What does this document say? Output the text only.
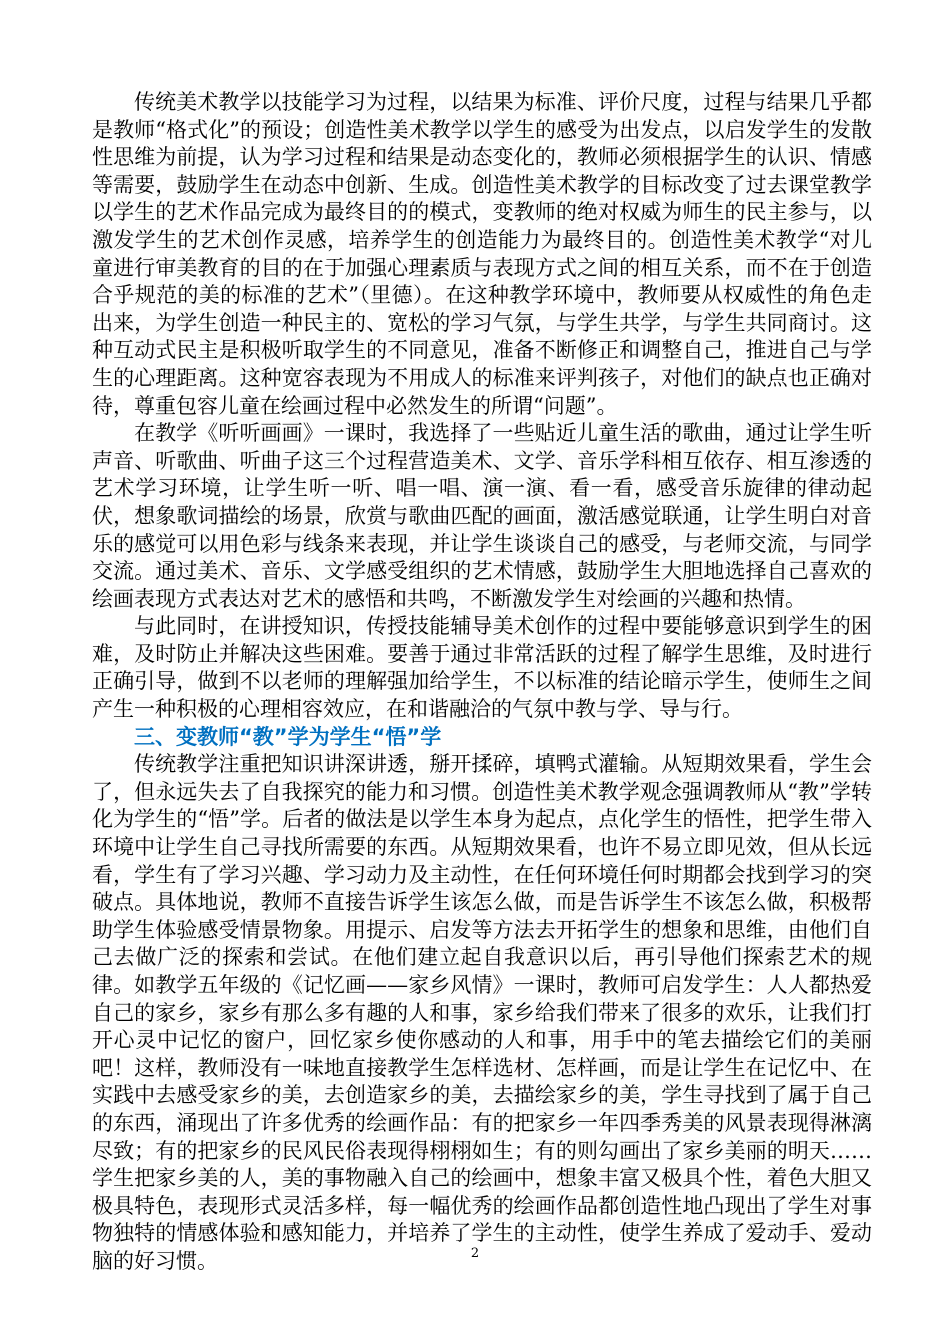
传统美术教学以技能学习为过程，以结果为标准、评价尺度，过程与结果几乎都是教师“格式化”的预设；创造性美术教学以学生的感受为出发点，以启发学生的发散性思维为前提，认为学习过程和结果是动态变化的，教师必须根据学生的认识、情感等需要，鼓励学生在动态中创新、生成。创造性美术教学的目标改变了过去课堂教学以学生的艺术作品完成为最终目的的模式，变教师的绝对权威为师生的民主参与，以激发学生的艺术创作灵感，培养学生的创造能力为最终目的。创造性美术教学“对儿童进行审美教育的目的在于加强心理素质与表现方式之间的相互关系，而不在于创造合乎规范的美的标准的艺术”（里德）。在这种教学环境中，教师要从权威性的角色走出来，为学生创造一种民主的、宽松的学习气氛，与学生共学，与学生共同商讨。这种互动式民主是积极听取学生的不同意见，准备不断修正和调整自己，推进自己与学生的心理距离。这种宽容表现为不用成人的标准来评判孩子，对他们的缺点也正确对待，尊重包容儿童在绘画过程中必然发生的所谓“问题”。

在教学《听听画画》一课时，我选择了一些贴近儿童生活的歌曲，通过让学生听声音、听歌曲、听曲子这三个过程营造美术、文学、音乐学科相互依存、相互渗透的艺术学习环境，让学生听一听、唱一唱、演一演、看一看，感受音乐旋律的律动起伏，想象歌词描绘的场景，欣赏与歌曲匹配的画面，激活感觉联通，让学生明白对音乐的感觉可以用色彩与线条来表现，并让学生谈谈自己的感受，与老师交流，与同学交流。通过美术、音乐、文学感受组织的艺术情感，鼓励学生大胆地选择自己喜欢的绘画表现方式表达对艺术的感悟和共鸣，不断激发学生对绘画的兴趣和热情。

与此同时，在讲授知识，传授技能辅导美术创作的过程中要能够意识到学生的困难，及时防止并解决这些困难。要善于通过非常活跃的过程了解学生思维，及时进行正确引导，做到不以老师的理解强加给学生，不以标准的结论暗示学生，使师生之间产生一种积极的心理相容效应，在和谐融洽的气氛中教与学、导与行。

三、变教师“教”学为学生“悟”学

传统教学注重把知识讲深讲透，掰开揉碎，填鸭式灌输。从短期效果看，学生会了，但永远失去了自我探究的能力和习惯。创造性美术教学观念强调教师从“教”学转化为学生的“悟”学。后者的做法是以学生本身为起点，点化学生的悟性，把学生带入环境中让学生自己寻找所需要的东西。从短期效果看，也许不易立即见效，但从长远看，学生有了学习兴趣、学习动力及主动性，在任何环境任何时期都会找到学习的突破点。具体地说，教师不直接告诉学生该怎么做，而是告诉学生不该怎么做，积极帮助学生体验感受情景物象。用提示、启发等方法去开拓学生的想象和思维，由他们自己去做广泛的探索和尝试。在他们建立起自我意识以后，再引导他们探索艺术的规律。如教学五年级的《记忆画——家乡风情》一课时，教师可启发学生：人人都热爱自己的家乡，家乡有那么多有趣的人和事，家乡给我们带来了很多的欢乐，让我们打开心灵中记忆的窗户，回忆家乡使你感动的人和事，用手中的笔去描绘它们的美丽吧！这样，教师没有一味地直接教学生怎样选材、怎样画，而是让学生在记忆中、在实践中去感受家乡的美，去创造家乡的美，去描绘家乡的美，学生寻找到了属于自己的东西，涌现出了许多优秀的绘画作品：有的把家乡一年四季秀美的风景表现得淋漓尽致；有的把家乡的民风民俗表现得栩栩如生；有的则勾画出了家乡美丽的明天……学生把家乡美的人，美的事物融入自己的绘画中，想象丰富又极具个性，着色大胆又极具特色，表现形式灵活多样，每一幅优秀的绘画作品都创造性地凸现出了学生对事物独特的情感体验和感知能力，并培养了学生的主动性，使学生养成了爱动手、爱动脑的好习惯。	2
